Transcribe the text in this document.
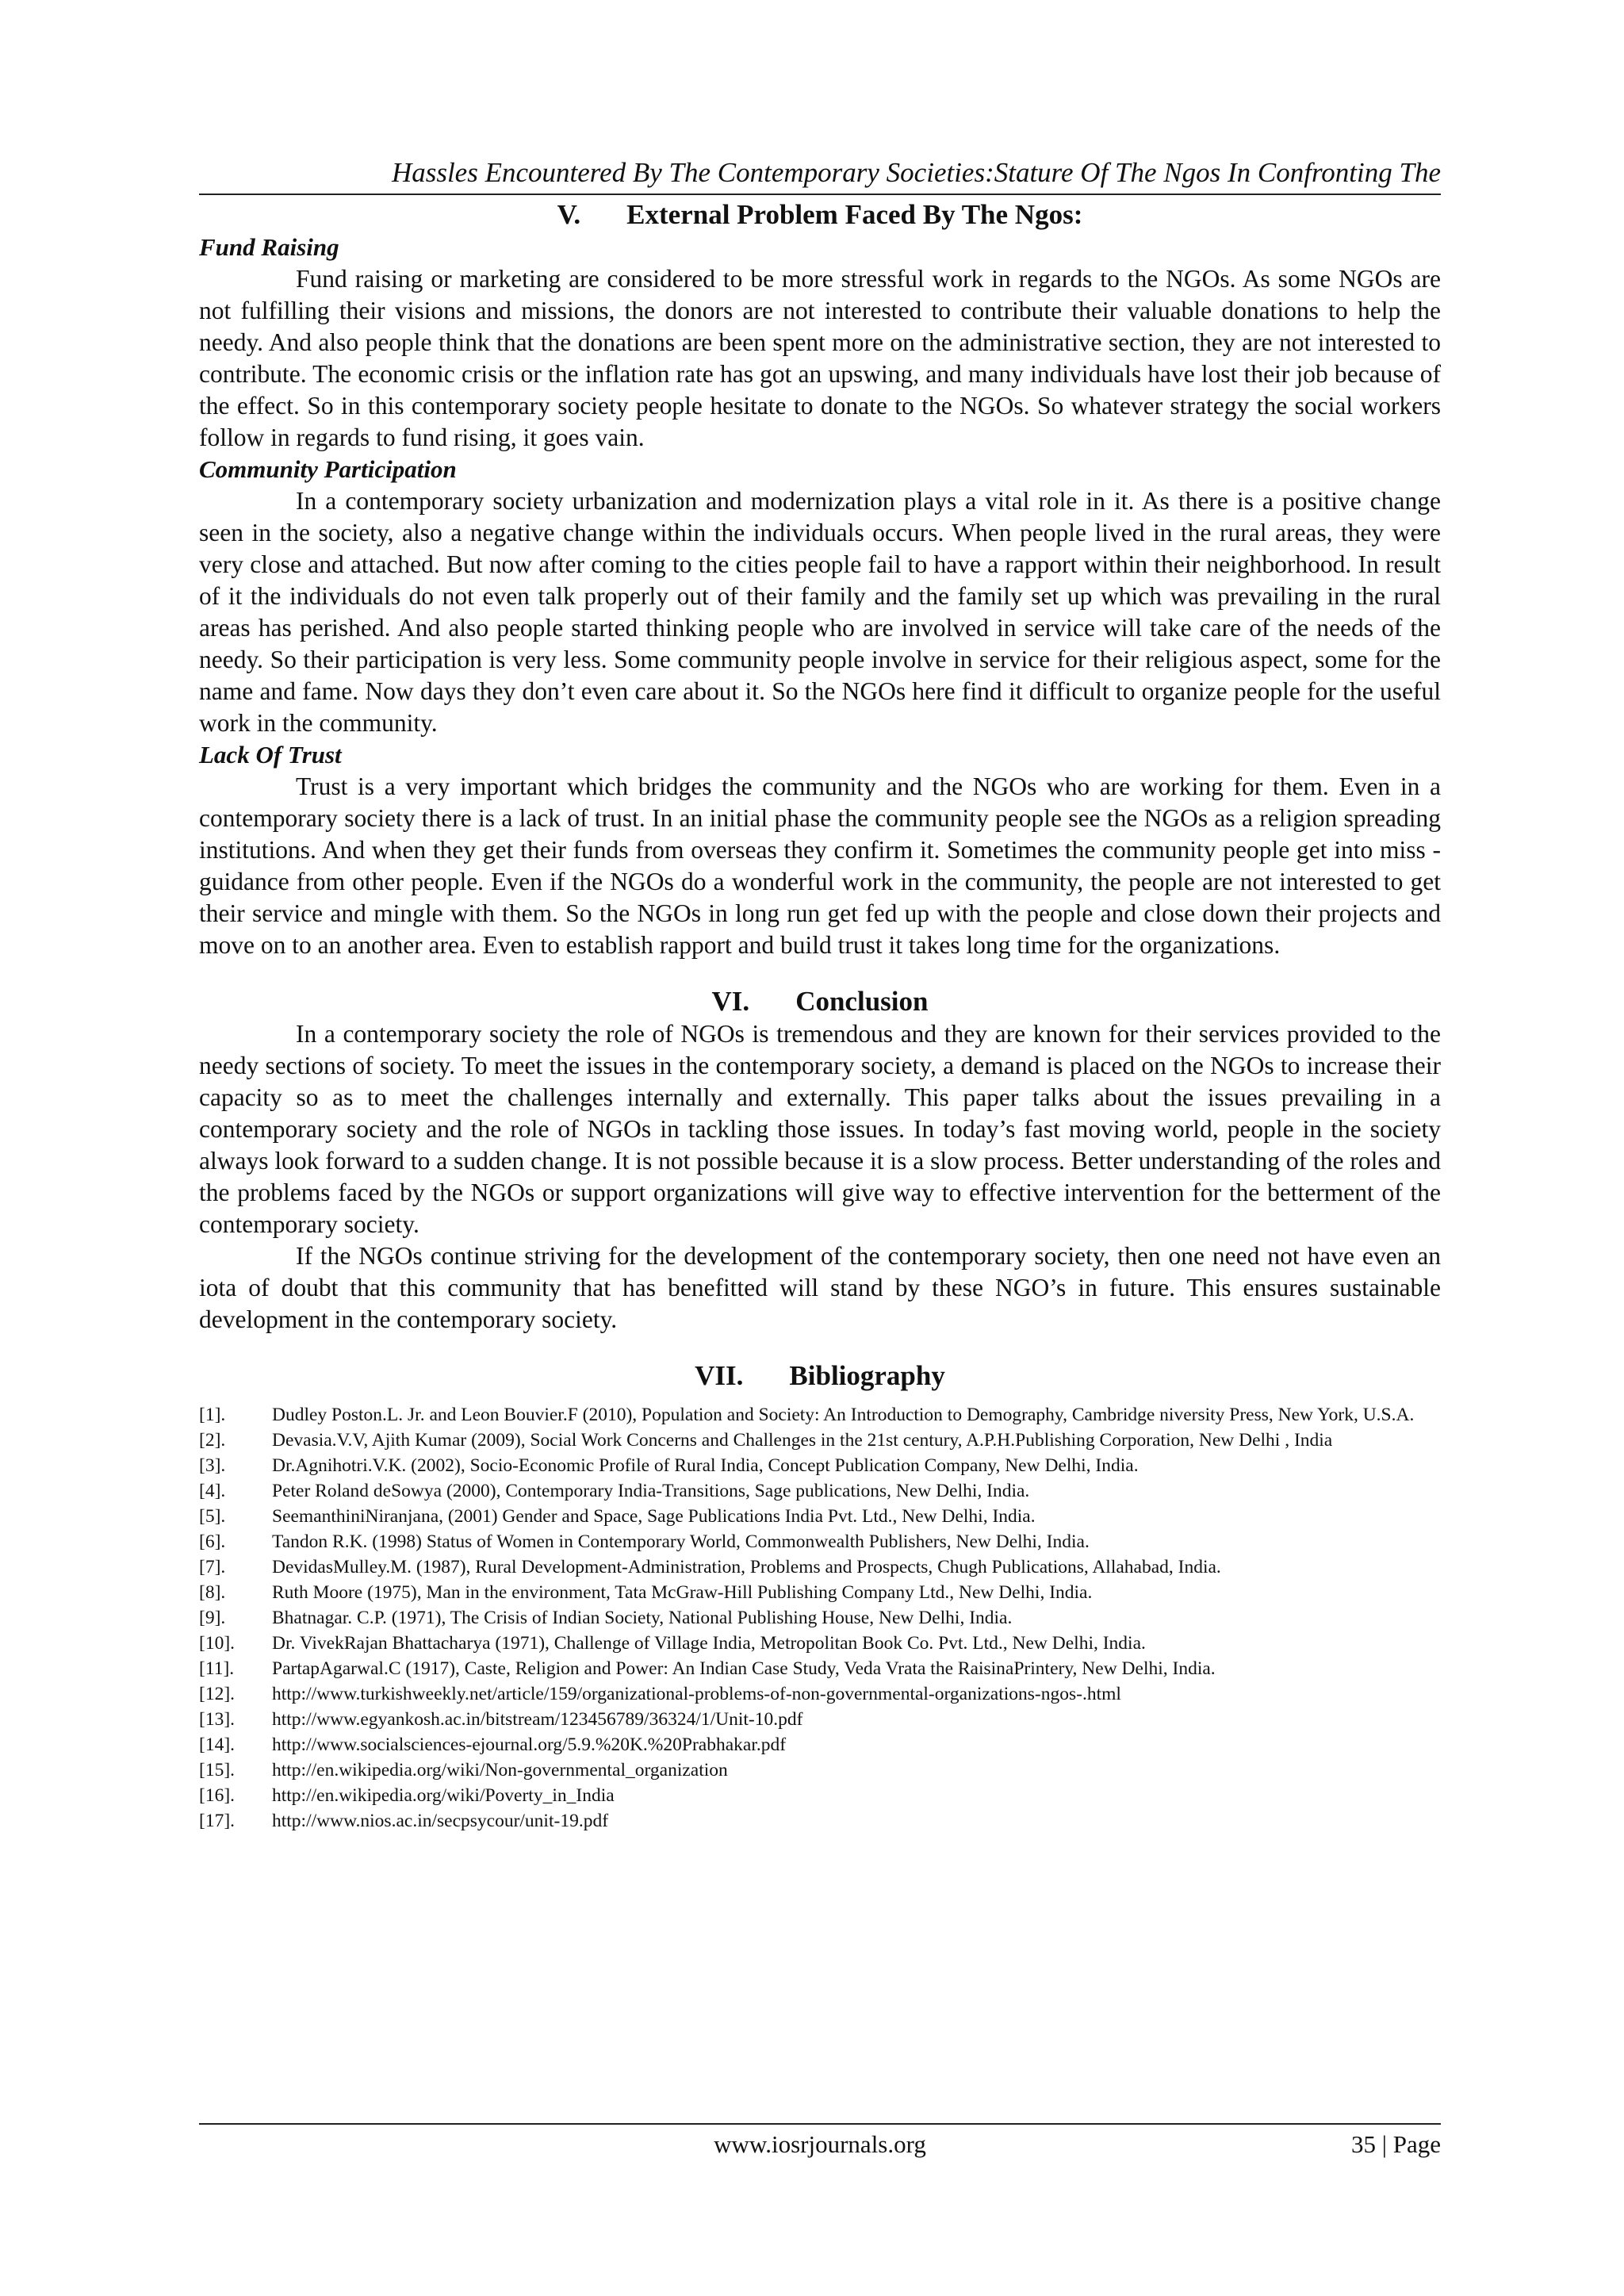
Hassles Encountered By The Contemporary Societies:Stature Of The Ngos In Confronting The
V. External Problem Faced By The Ngos:
Fund Raising

Fund raising or marketing are considered to be more stressful work in regards to the NGOs. As some NGOs are not fulfilling their visions and missions, the donors are not interested to contribute their valuable donations to help the needy. And also people think that the donations are been spent more on the administrative section, they are not interested to contribute. The economic crisis or the inflation rate has got an upswing, and many individuals have lost their job because of the effect. So in this contemporary society people hesitate to donate to the NGOs. So whatever strategy the social workers follow in regards to fund rising, it goes vain.

Community Participation

In a contemporary society urbanization and modernization plays a vital role in it. As there is a positive change seen in the society, also a negative change within the individuals occurs. When people lived in the rural areas, they were very close and attached. But now after coming to the cities people fail to have a rapport within their neighborhood. In result of it the individuals do not even talk properly out of their family and the family set up which was prevailing in the rural areas has perished. And also people started thinking people who are involved in service will take care of the needs of the needy. So their participation is very less. Some community people involve in service for their religious aspect, some for the name and fame. Now days they don’t even care about it. So the NGOs here find it difficult to organize people for the useful work in the community.

Lack Of Trust

Trust is a very important which bridges the community and the NGOs who are working for them. Even in a contemporary society there is a lack of trust. In an initial phase the community people see the NGOs as a religion spreading institutions. And when they get their funds from overseas they confirm it. Sometimes the community people get into miss -guidance from other people. Even if the NGOs do a wonderful work in the community, the people are not interested to get their service and mingle with them. So the NGOs in long run get fed up with the people and close down their projects and move on to an another area. Even to establish rapport and build trust it takes long time for the organizations.

VI. Conclusion

In a contemporary society the role of NGOs is tremendous and they are known for their services provided to the needy sections of society. To meet the issues in the contemporary society, a demand is placed on the NGOs to increase their capacity so as to meet the challenges internally and externally. This paper talks about the issues prevailing in a contemporary society and the role of NGOs in tackling those issues. In today’s fast moving world, people in the society always look forward to a sudden change. It is not possible because it is a slow process. Better understanding of the roles and the problems faced by the NGOs or support organizations will give way to effective intervention for the betterment of the contemporary society.

If the NGOs continue striving for the development of the contemporary society, then one need not have even an iota of doubt that this community that has benefitted will stand by these NGO’s in future. This ensures sustainable development in the contemporary society.

VII. Bibliography
[1].	Dudley Poston.L. Jr. and Leon Bouvier.F (2010), Population and Society: An Introduction to Demography, Cambridge niversity Press, New York, U.S.A.
[2].	Devasia.V.V, Ajith Kumar (2009), Social Work Concerns and Challenges in the 21st century, A.P.H.Publishing Corporation, New Delhi , India
[3].	Dr.Agnihotri.V.K. (2002), Socio-Economic Profile of Rural India, Concept Publication Company, New Delhi, India.
[4].	Peter Roland deSowya (2000), Contemporary India-Transitions, Sage publications, New Delhi, India.
[5].	SeemanthiniNiranjana, (2001) Gender and Space, Sage Publications India Pvt. Ltd., New Delhi, India.
[6].	Tandon R.K. (1998) Status of Women in Contemporary World, Commonwealth Publishers, New Delhi, India.
[7].	DevidasMulley.M. (1987), Rural Development-Administration, Problems and Prospects, Chugh Publications, Allahabad, India.
[8].	Ruth Moore (1975), Man in the environment, Tata McGraw-Hill Publishing Company Ltd., New Delhi, India.
[9].	Bhatnagar. C.P. (1971), The Crisis of Indian Society, National Publishing House, New Delhi, India.
[10].	Dr. VivekRajan Bhattacharya (1971), Challenge of Village India, Metropolitan Book Co. Pvt. Ltd., New Delhi, India.
[11].	PartapAgarwal.C (1917), Caste, Religion and Power: An Indian Case Study, Veda Vrata the RaisinaPrintery, New Delhi, India.
[12].	http://www.turkishweekly.net/article/159/organizational-problems-of-non-governmental-organizations-ngos-.html
[13].	http://www.egyankosh.ac.in/bitstream/123456789/36324/1/Unit-10.pdf
[14].	http://www.socialsciences-ejournal.org/5.9.%20K.%20Prabhakar.pdf
[15].	http://en.wikipedia.org/wiki/Non-governmental_organization
[16].	http://en.wikipedia.org/wiki/Poverty_in_India
[17].	http://www.nios.ac.in/secpsycour/unit-19.pdf
www.iosrjournals.org	35 | Page
